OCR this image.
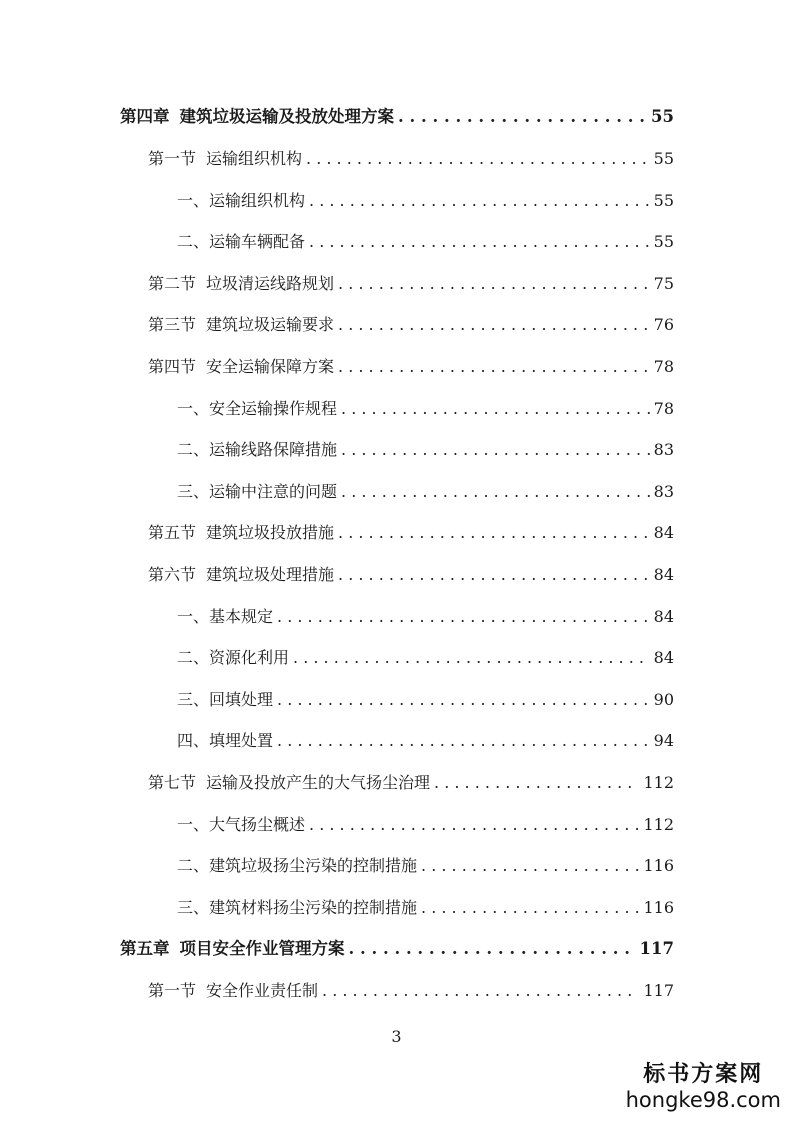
第四章 建筑垃圾运输及投放处理方案 . . .	55
第一节 运输组织机构 . . .	55
一、 运输组织机构 . . .	55
二、 运输车辆配备 . . .	55
第二节 垃圾清运线路规划 . . .	75
第三节 建筑垃圾运输要求 . . .	76
第四节 安全运输保障方案 . . .	78
一、 安全运输操作规程 . . .	78
二、 运输线路保障措施 . . .	83
三、 运输中注意的问题 . . .	83
第五节 建筑垃圾投放措施 . . .	84
第六节 建筑垃圾处理措施 . . .	84
一、 基本规定 . . .	84
二、 资源化利用 . . .	84
三、 回填处理 . . .	90
四、 填埋处置 . . .	94
第七节 运输及投放产生的大气扬尘治理 . . .	112
一、 大气扬尘概述 . . .	112
二、 建筑垃圾扬尘污染的控制措施 . . .	116
三、 建筑材料扬尘污染的控制措施 . . .	116
第五章 项目安全作业管理方案 . . .	117
第一节 安全作业责任制 . . .	117
3
标书方案网
hongke98.com
